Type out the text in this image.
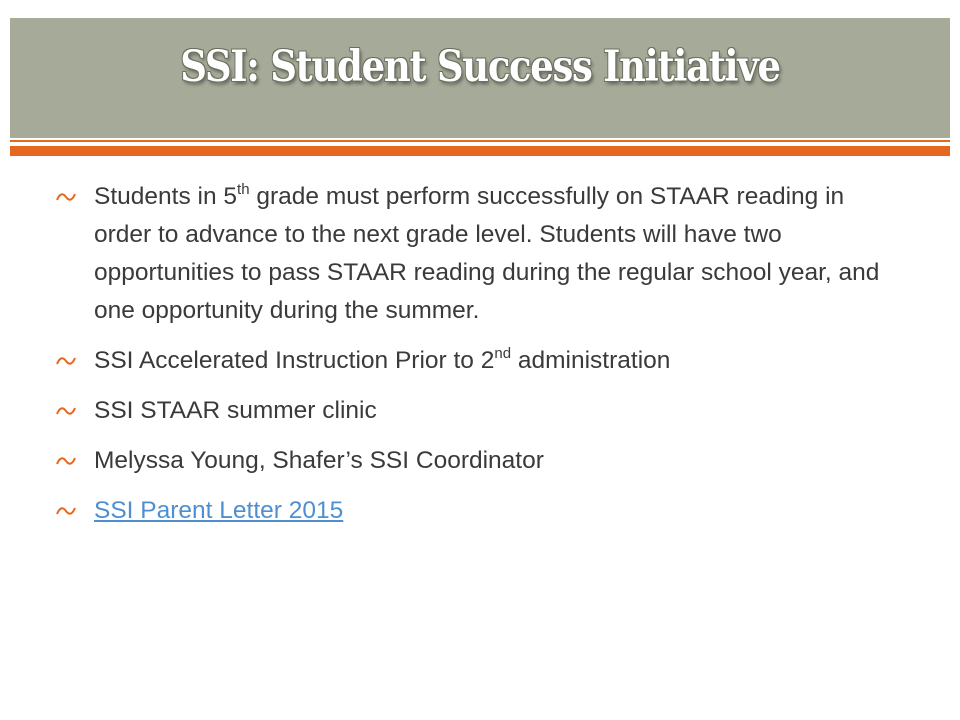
SSI: Student Success Initiative
Students in 5th grade must perform successfully on STAAR reading in order to advance to the next grade level. Students will have two opportunities to pass STAAR reading during the regular school year, and one opportunity during the summer.
SSI Accelerated Instruction Prior to 2nd administration
SSI STAAR summer clinic
Melyssa Young, Shafer’s SSI Coordinator
SSI Parent Letter 2015
